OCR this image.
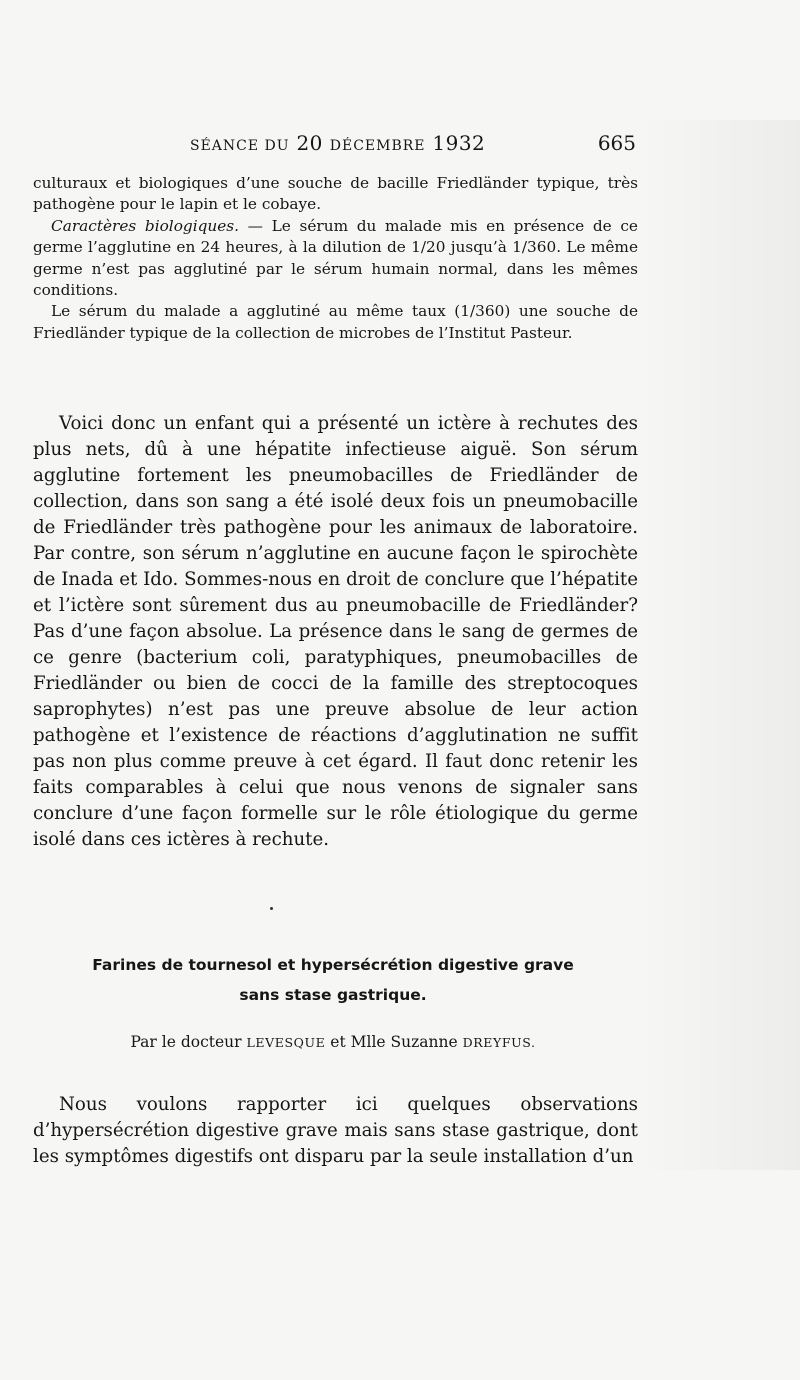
SÉANCE DU 20 DÉCEMBRE 1932	665

culturaux et biologiques d’une souche de bacille Friedländer typique, très pathogène pour le lapin et le cobaye.

Caractères biologiques. — Le sérum du malade mis en présence de ce germe l’agglutine en 24 heures, à la dilution de 1/20 jusqu’à 1/360. Le même germe n’est pas agglutiné par le sérum humain normal, dans les mêmes conditions.

Le sérum du malade a agglutiné au même taux (1/360) une souche de Friedländer typique de la collection de microbes de l’Institut Pasteur.

Voici donc un enfant qui a présenté un ictère à rechutes des plus nets, dû à une hépatite infectieuse aiguë. Son sérum agglutine fortement les pneumobacilles de Friedländer de collection, dans son sang a été isolé deux fois un pneumobacille de Friedländer très pathogène pour les animaux de laboratoire. Par contre, son sérum n’agglutine en aucune façon le spirochète de Inada et Ido. Sommes-nous en droit de conclure que l’hépatite et l’ictère sont sûrement dus au pneumobacille de Friedländer? Pas d’une façon absolue. La présence dans le sang de germes de ce genre (bacterium coli, paratyphiques, pneumobacilles de Friedländer ou bien de cocci de la famille des streptocoques saprophytes) n’est pas une preuve absolue de leur action pathogène et l’existence de réactions d’agglutination ne suffit pas non plus comme preuve à cet égard. Il faut donc retenir les faits comparables à celui que nous venons de signaler sans conclure d’une façon formelle sur le rôle étiologique du germe isolé dans ces ictères à rechute.

Farines de tournesol et hypersécrétion digestive grave
sans stase gastrique.
Par le docteur LEVESQUE et Mlle Suzanne DREYFUS.

Nous voulons rapporter ici quelques observations d’hypersécrétion digestive grave mais sans stase gastrique, dont les symptômes digestifs ont disparu par la seule installation d’un
